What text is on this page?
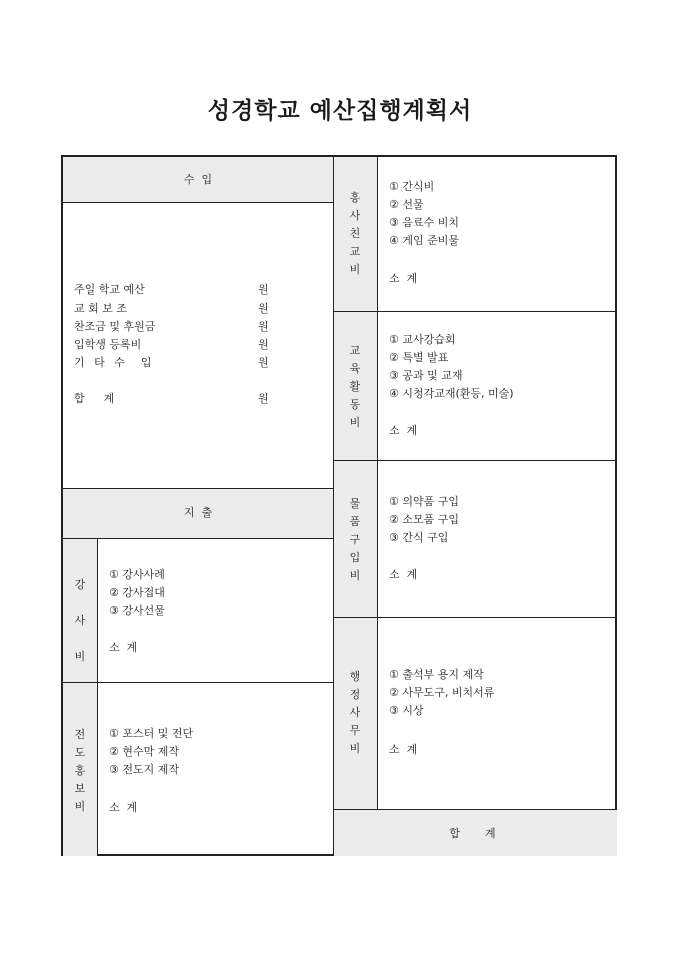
성경학교 예산집행계획서
수  입
주일 학교 예산	원
교 회 보 조	원
찬조금 및 후원금	원
입학생 등록비	원
기 타 수  입	원
합  계	원
지  출
강
사
비
① 강사사례
② 강사접대
③ 강사선물
소  계
전
도
홍
보
비
① 포스터 및 전단
② 현수막 제작
③ 전도지 제작
소  계
홍
사
친
교
비
① 간식비
② 선물
③ 음료수 비치
④ 게임 준비물
소  계
교
육
활
동
비
① 교사강습회
② 특별 발표
③ 공과 및 교재
④ 시청각교재(환등, 미술)
소  계
물
품
구
입
비
① 의약품 구입
② 소모품 구입
③ 간식 구입
소  계
행
정
사
무
비
① 출석부 용지 제작
② 사무도구, 비치서류
③ 시상
소  계
합  계
